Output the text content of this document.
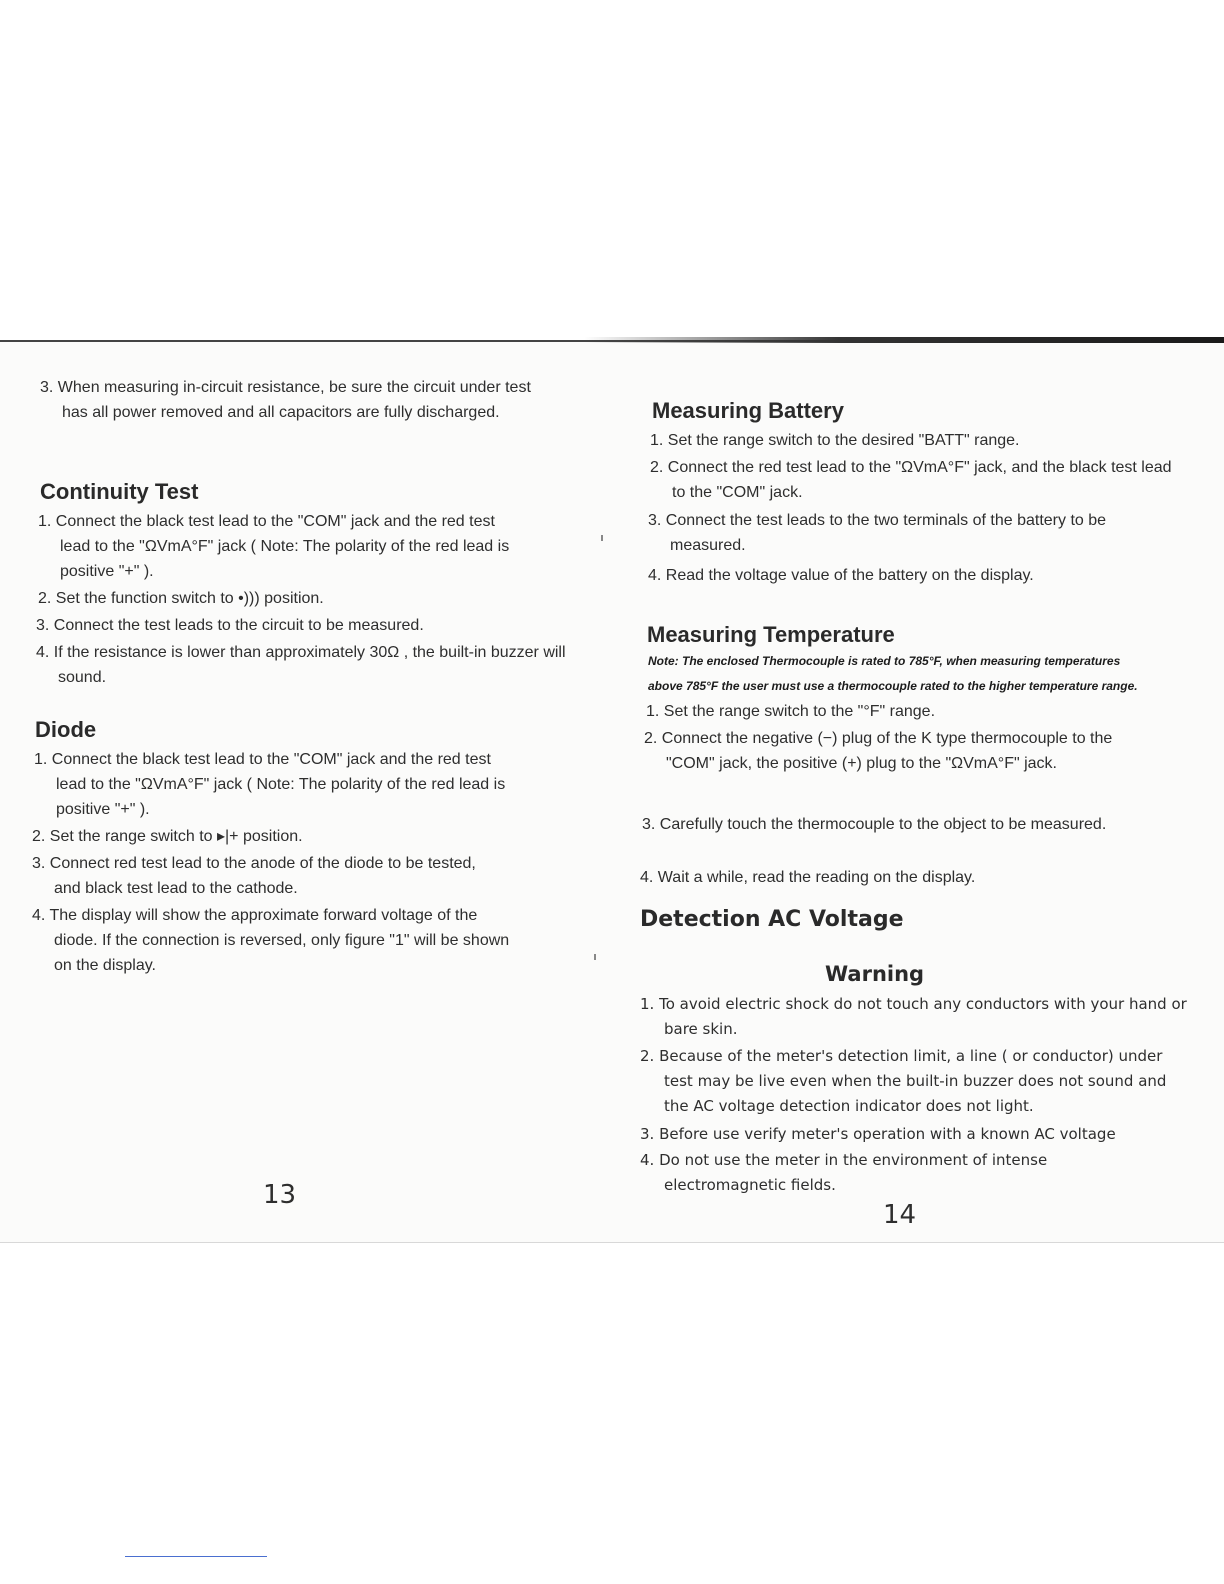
3. When measuring in-circuit resistance, be sure the circuit under test has all power removed and all capacitors are fully discharged.
Continuity Test
1. Connect the black test lead to the "COM" jack and the red test lead to the "ΩVmA°F" jack ( Note: The polarity of the red lead is positive "+" ).
2. Set the function switch to •))) position.
3. Connect the test leads to the circuit to be measured.
4. If the resistance is lower than approximately 30Ω , the built-in buzzer will sound.
Diode
1. Connect the black test lead to the "COM" jack and the red test lead to the "ΩVmA°F" jack ( Note: The polarity of the red lead is positive "+" ).
2. Set the range switch to ▸|+ position.
3. Connect red test lead to the anode of the diode to be tested, and black test lead to the cathode.
4. The display will show the approximate forward voltage of the diode. If the connection is reversed, only figure "1" will be shown on the display.
13
Measuring Battery
1. Set the range switch to the desired "BATT" range.
2. Connect the red test lead to the "ΩVmA°F" jack, and the black test lead to the "COM" jack.
3. Connect the test leads to the two terminals of the battery to be measured.
4. Read the voltage value of the battery on the display.
Measuring Temperature
Note: The enclosed Thermocouple is rated to 785°F, when measuring temperatures
above 785°F the user must use a thermocouple rated to the higher temperature range.
1. Set the range switch to the "°F" range.
2. Connect the negative (−) plug of the K type thermocouple to the "COM" jack, the positive (+) plug to the "ΩVmA°F" jack.
3. Carefully touch the thermocouple to the object to be measured.
4. Wait a while, read the reading on the display.
Detection AC Voltage
Warning
1. To avoid electric shock do not touch any conductors with your hand or bare skin.
2. Because of the meter's detection limit, a line ( or conductor) under test may be live even when the built-in buzzer does not sound and the AC voltage detection indicator does not light.
3. Before use verify meter's operation with a known AC voltage
4. Do not use the meter in the environment of intense electromagnetic fields.
14
